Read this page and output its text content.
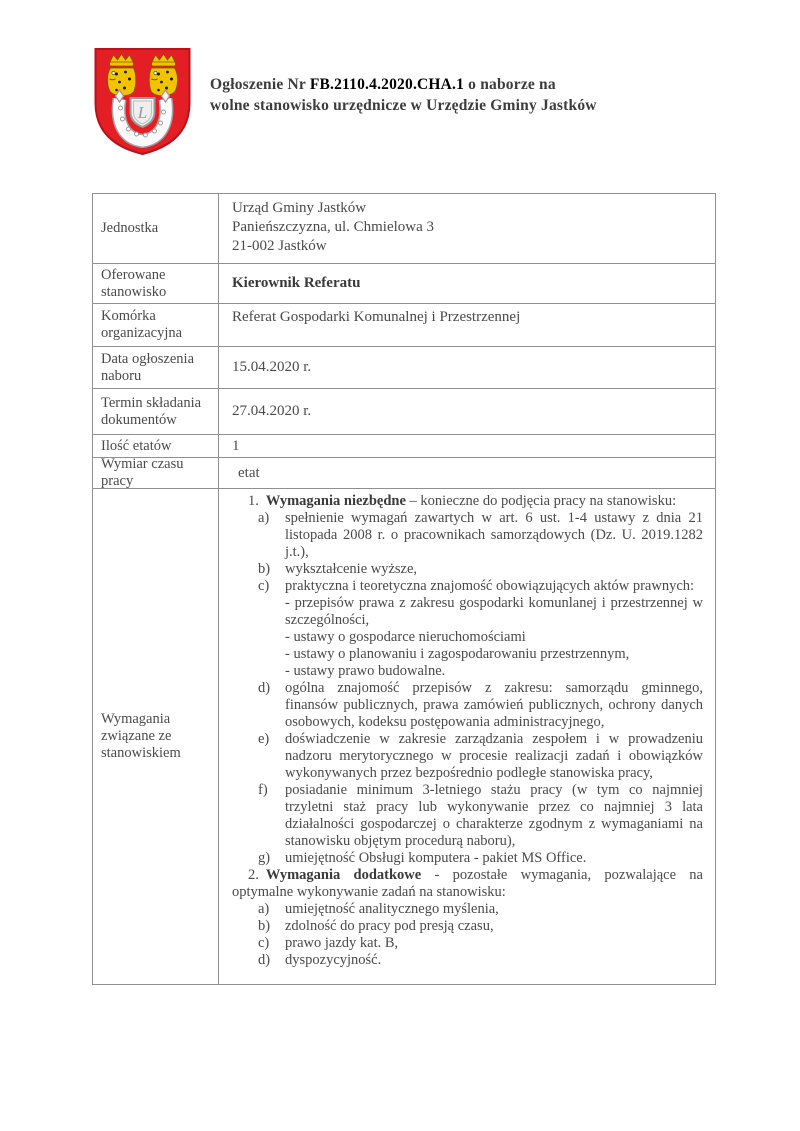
L
Ogłoszenie Nr FB.2110.4.2020.CHA.1 o naborze na
wolne stanowisko urzędnicze w Urzędzie Gminy Jastków
Jednostka
Urząd Gminy Jastków
Panieńszczyzna, ul. Chmielowa 3
21-002 Jastków
Oferowane stanowisko
Kierownik Referatu
Komórka organizacyjna
Referat Gospodarki Komunalnej i Przestrzennej
Data ogłoszenia naboru
15.04.2020 r.
Termin składania dokumentów
27.04.2020 r.
Ilość etatów	1
Wymiar czasu pracy
etat
Wymagania związane ze stanowiskiem

1. Wymagania niezbędne – konieczne do podjęcia pracy na stanowisku:

a) spełnienie wymagań zawartych w art. 6 ust. 1-4 ustawy z dnia 21 listopada 2008 r. o pracownikach samorządowych (Dz. U. 2019.1282 j.t.),

b) wykształcenie wyższe,

c) praktyczna i teoretyczna znajomość obowiązujących aktów prawnych:

- przepisów prawa z zakresu gospodarki komunlanej i przestrzennej w szczególności,

- ustawy o gospodarce nieruchomościami

- ustawy o planowaniu i zagospodarowaniu przestrzennym,

- ustawy prawo budowalne.

d) ogólna znajomość przepisów z zakresu: samorządu gminnego, finansów publicznych, prawa zamówień publicznych, ochrony danych osobowych, kodeksu postępowania administracyjnego,

e) doświadczenie w zakresie zarządzania zespołem i w prowadzeniu nadzoru merytorycznego w procesie realizacji zadań i obowiązków wykonywanych przez bezpośrednio podległe stanowiska pracy,

f) posiadanie minimum 3-letniego stażu pracy (w tym co najmniej trzyletni staż pracy lub wykonywanie przez co najmniej 3 lata działalności gospodarczej o charakterze zgodnym z wymaganiami na stanowisku objętym procedurą naboru),

g) umiejętność Obsługi komputera - pakiet MS Office.

2. Wymagania dodatkowe - pozostałe wymagania, pozwalające na optymalne wykonywanie zadań na stanowisku:

a) umiejętność analitycznego myślenia,

b) zdolność do pracy pod presją czasu,

c) prawo jazdy kat. B,

d) dyspozycyjność.
